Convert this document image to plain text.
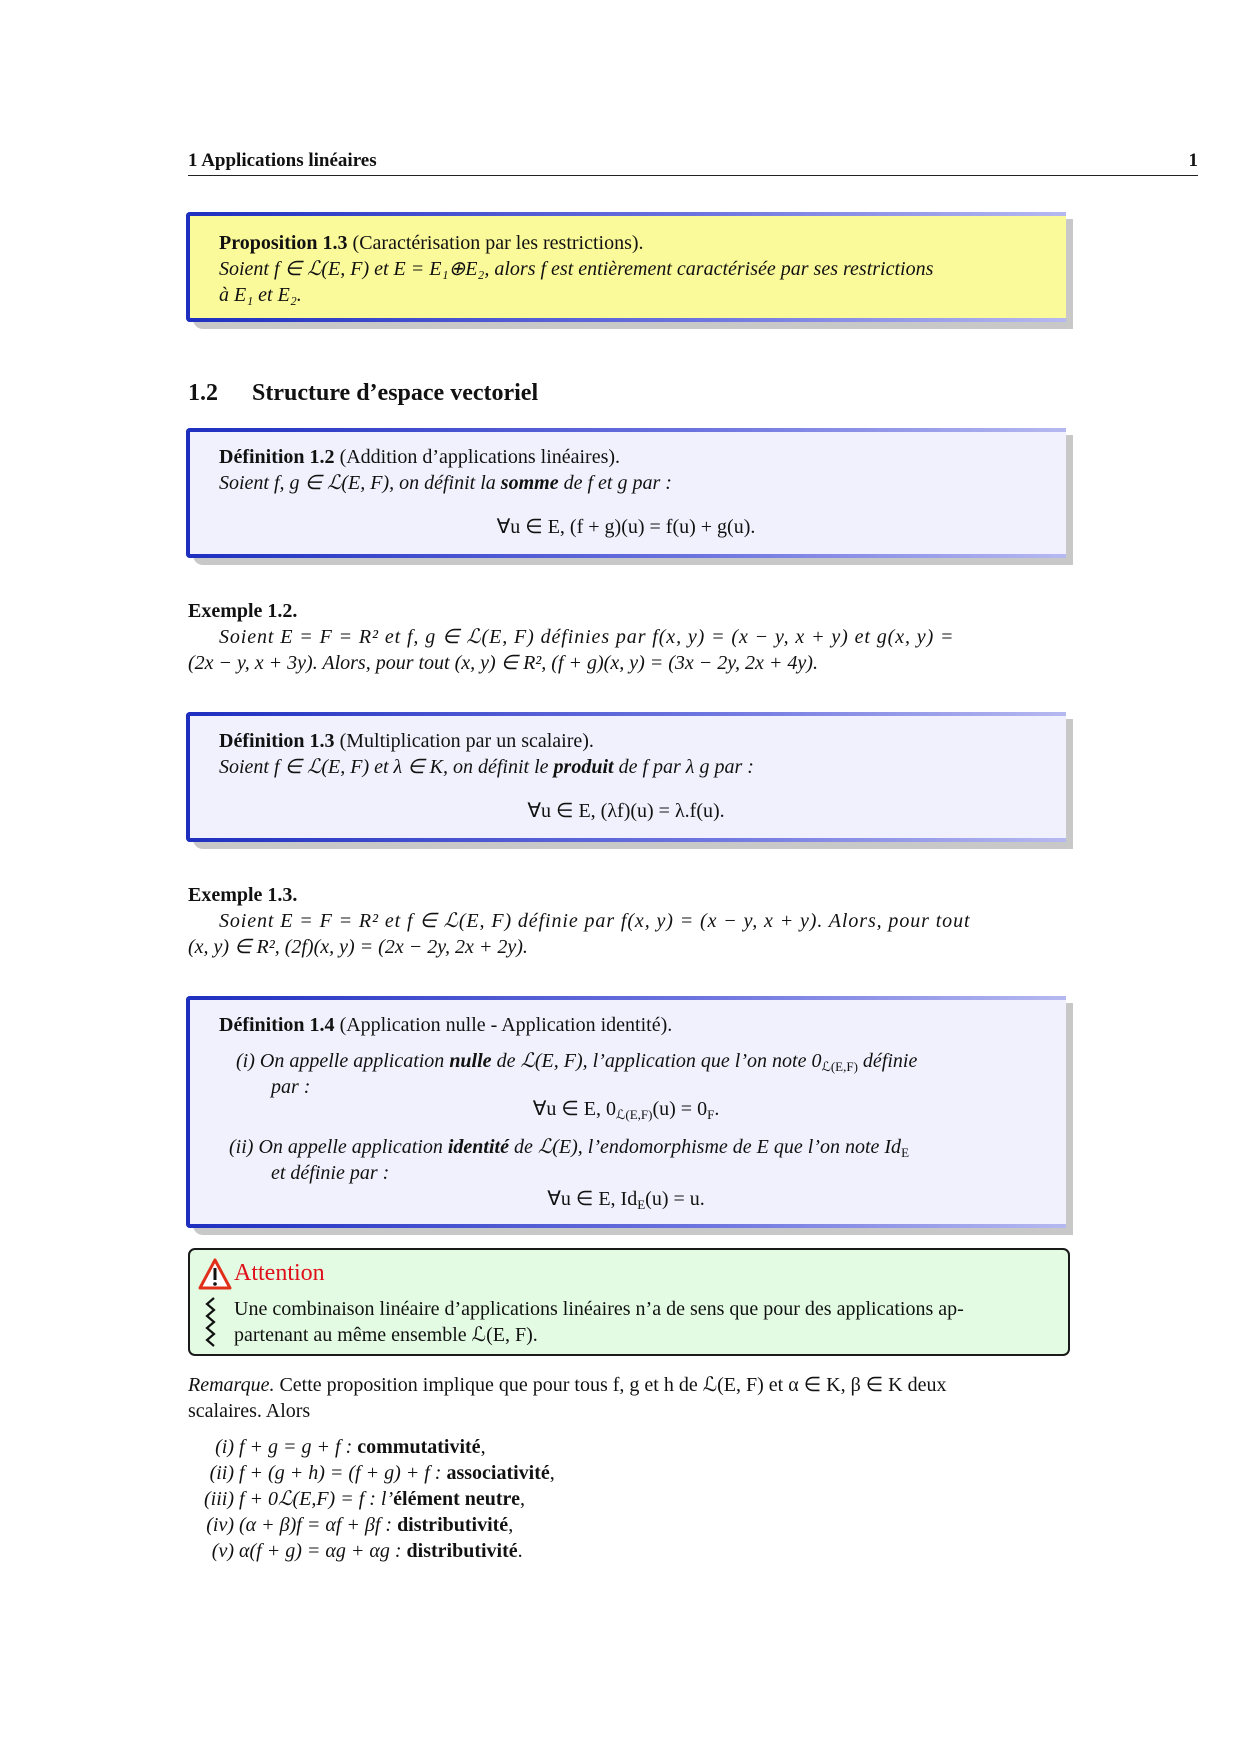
1 Applications linéaires	1
Proposition 1.3 (Caractérisation par les restrictions).
Soient f ∈ ℒ(E, F) et E = E₁⊕E₂, alors f est entièrement caractérisée par ses restrictions
à E₁ et E₂.
1.2 Structure d’espace vectoriel
Définition 1.2 (Addition d’applications linéaires).
Soient f, g ∈ ℒ(E, F), on définit la somme de f et g par :
∀u ∈ E, (f + g)(u) = f(u) + g(u).
Exemple 1.2.
Soient E = F = R² et f, g ∈ ℒ(E, F) définies par f(x, y) = (x − y, x + y) et g(x, y) =
(2x − y, x + 3y). Alors, pour tout (x, y) ∈ R², (f + g)(x, y) = (3x − 2y, 2x + 4y).
Définition 1.3 (Multiplication par un scalaire).
Soient f ∈ ℒ(E, F) et λ ∈ K, on définit le produit de f par λ g par :
∀u ∈ E, (λf)(u) = λ.f(u).
Exemple 1.3.
Soient E = F = R² et f ∈ ℒ(E, F) définie par f(x, y) = (x − y, x + y). Alors, pour tout
(x, y) ∈ R², (2f)(x, y) = (2x − 2y, 2x + 2y).
Définition 1.4 (Application nulle - Application identité).
(i) On appelle application nulle de ℒ(E, F), l’application que l’on note $0_{ℒ(E,F)}$ définie
par :
∀u ∈ E, $0_{ℒ(E,F)}(u) = 0_F$.
(ii) On appelle application identité de ℒ(E), l’endomorphisme de E que l’on note $Id_E$
et définie par :
∀u ∈ E, $Id_E(u) = u$.
Attention
Une combinaison linéaire d’applications linéaires n’a de sens que pour des applications ap-
partenant au même ensemble ℒ(E, F).
Remarque. Cette proposition implique que pour tous f, g et h de ℒ(E, F) et α ∈ K, β ∈ K deux
scalaires. Alors
(i) f + g = g + f : commutativité,
(ii) f + (g + h) = (f + g) + f : associativité,
(iii) f + 0ℒ(E,F) = f : l’élément neutre,
(iv) (α + β)f = αf + βf : distributivité,
(v) α(f + g) = αg + αg : distributivité.
